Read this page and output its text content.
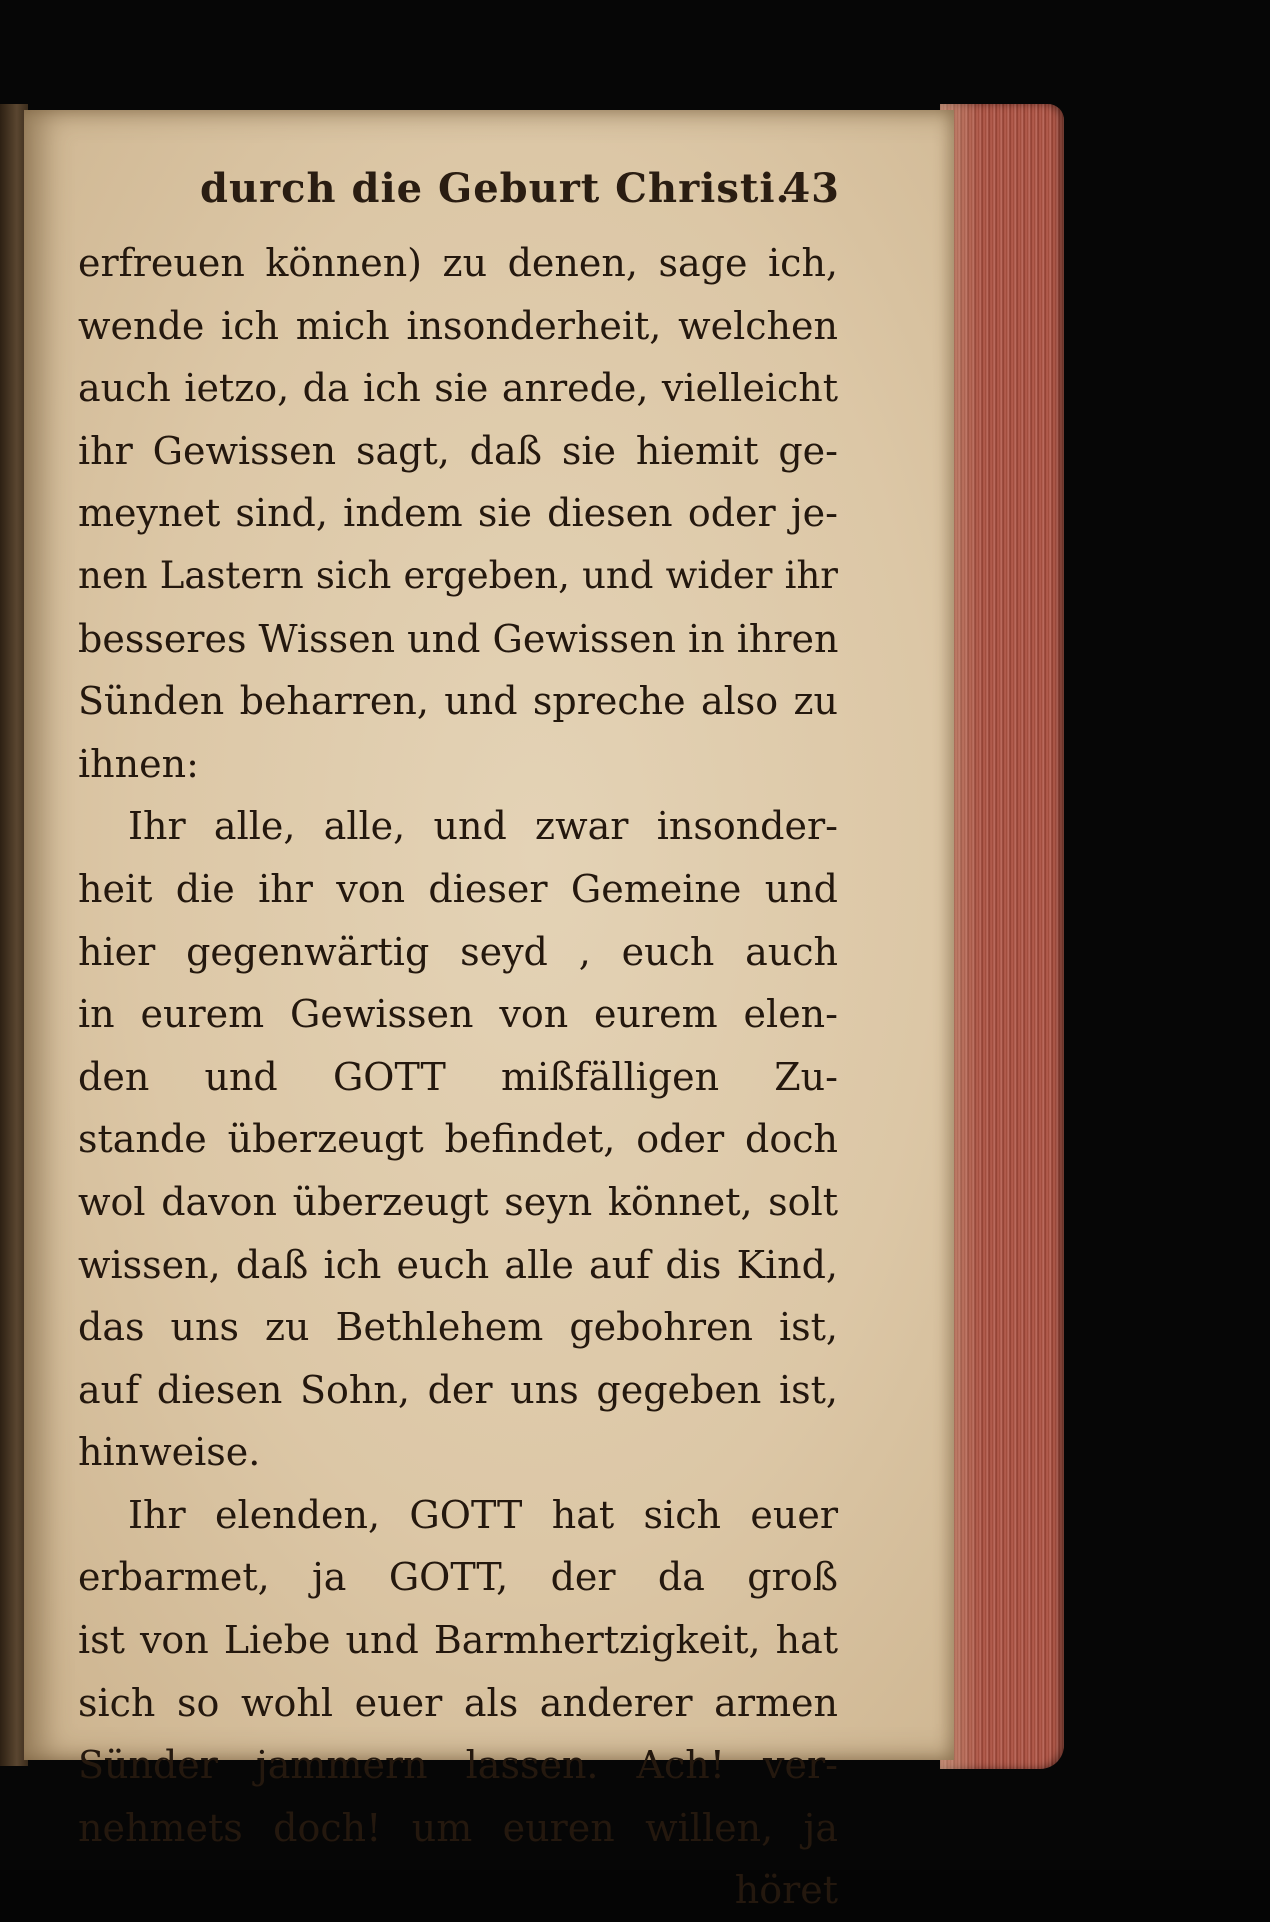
durch die Geburt Christi.
43
erfreuen können) zu denen, sage ich,
wende ich mich insonderheit, welchen
auch ietzo, da ich sie anrede, vielleicht
ihr Gewissen sagt, daß sie hiemit ge-
meynet sind, indem sie diesen oder je-
nen Lastern sich ergeben, und wider ihr
besseres Wissen und Gewissen in ihren
Sünden beharren, und spreche also zu
ihnen:
Ihr alle, alle, und zwar insonder-
heit die ihr von dieser Gemeine und
hier gegenwärtig seyd , euch auch
in eurem Gewissen von eurem elen-
den und GOTT mißfälligen Zu-
stande überzeugt befindet, oder doch
wol davon überzeugt seyn könnet, solt
wissen, daß ich euch alle auf dis Kind,
das uns zu Bethlehem gebohren ist,
auf diesen Sohn, der uns gegeben ist,
hinweise.
Ihr elenden, GOTT hat sich euer
erbarmet, ja GOTT, der da groß
ist von Liebe und Barmhertzigkeit, hat
sich so wohl euer als anderer armen
Sünder jammern lassen. Ach! ver-
nehmets doch! um euren willen, ja
höret
